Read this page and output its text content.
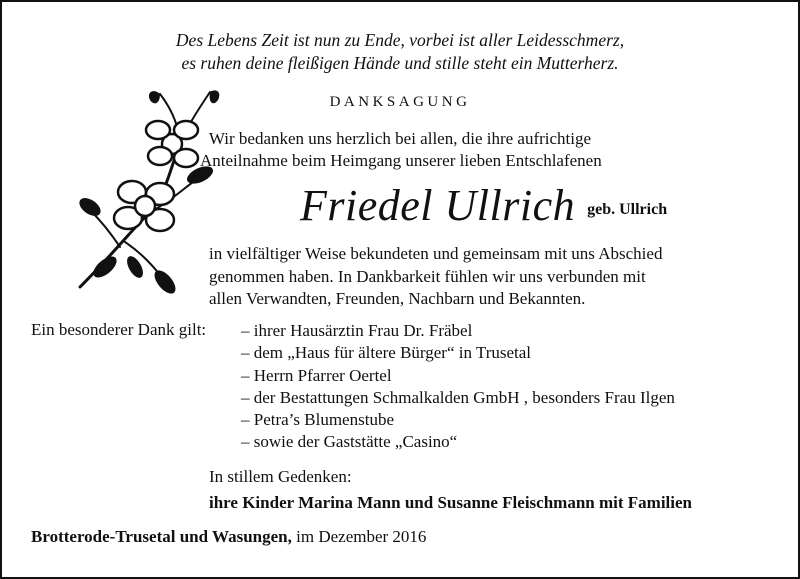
Des Lebens Zeit ist nun zu Ende, vorbei ist aller Leidesschmerz,
es ruhen deine fleißigen Hände und stille steht ein Mutterherz.
DANKSAGUNG
Wir bedanken uns herzlich bei allen, die ihre aufrichtige
Anteilnahme beim Heimgang unserer lieben Entschlafenen
Friedel Ullrich geb. Ullrich
in vielfältiger Weise bekundeten und gemeinsam mit uns Abschied
genommen haben. In Dankbarkeit fühlen wir uns verbunden mit
allen Verwandten, Freunden, Nachbarn und Bekannten.
Ein besonderer Dank gilt: – ihrer Hausärztin Frau Dr. Fräbel
– dem „Haus für ältere Bürger“ in Trusetal
– Herrn Pfarrer Oertel
– der Bestattungen Schmalkalden GmbH , besonders Frau Ilgen
– Petra’s Blumenstube
– sowie der Gaststätte „Casino“
In stillem Gedenken:
ihre Kinder Marina Mann und Susanne Fleischmann mit Familien
Brotterode-Trusetal und Wasungen, im Dezember 2016
